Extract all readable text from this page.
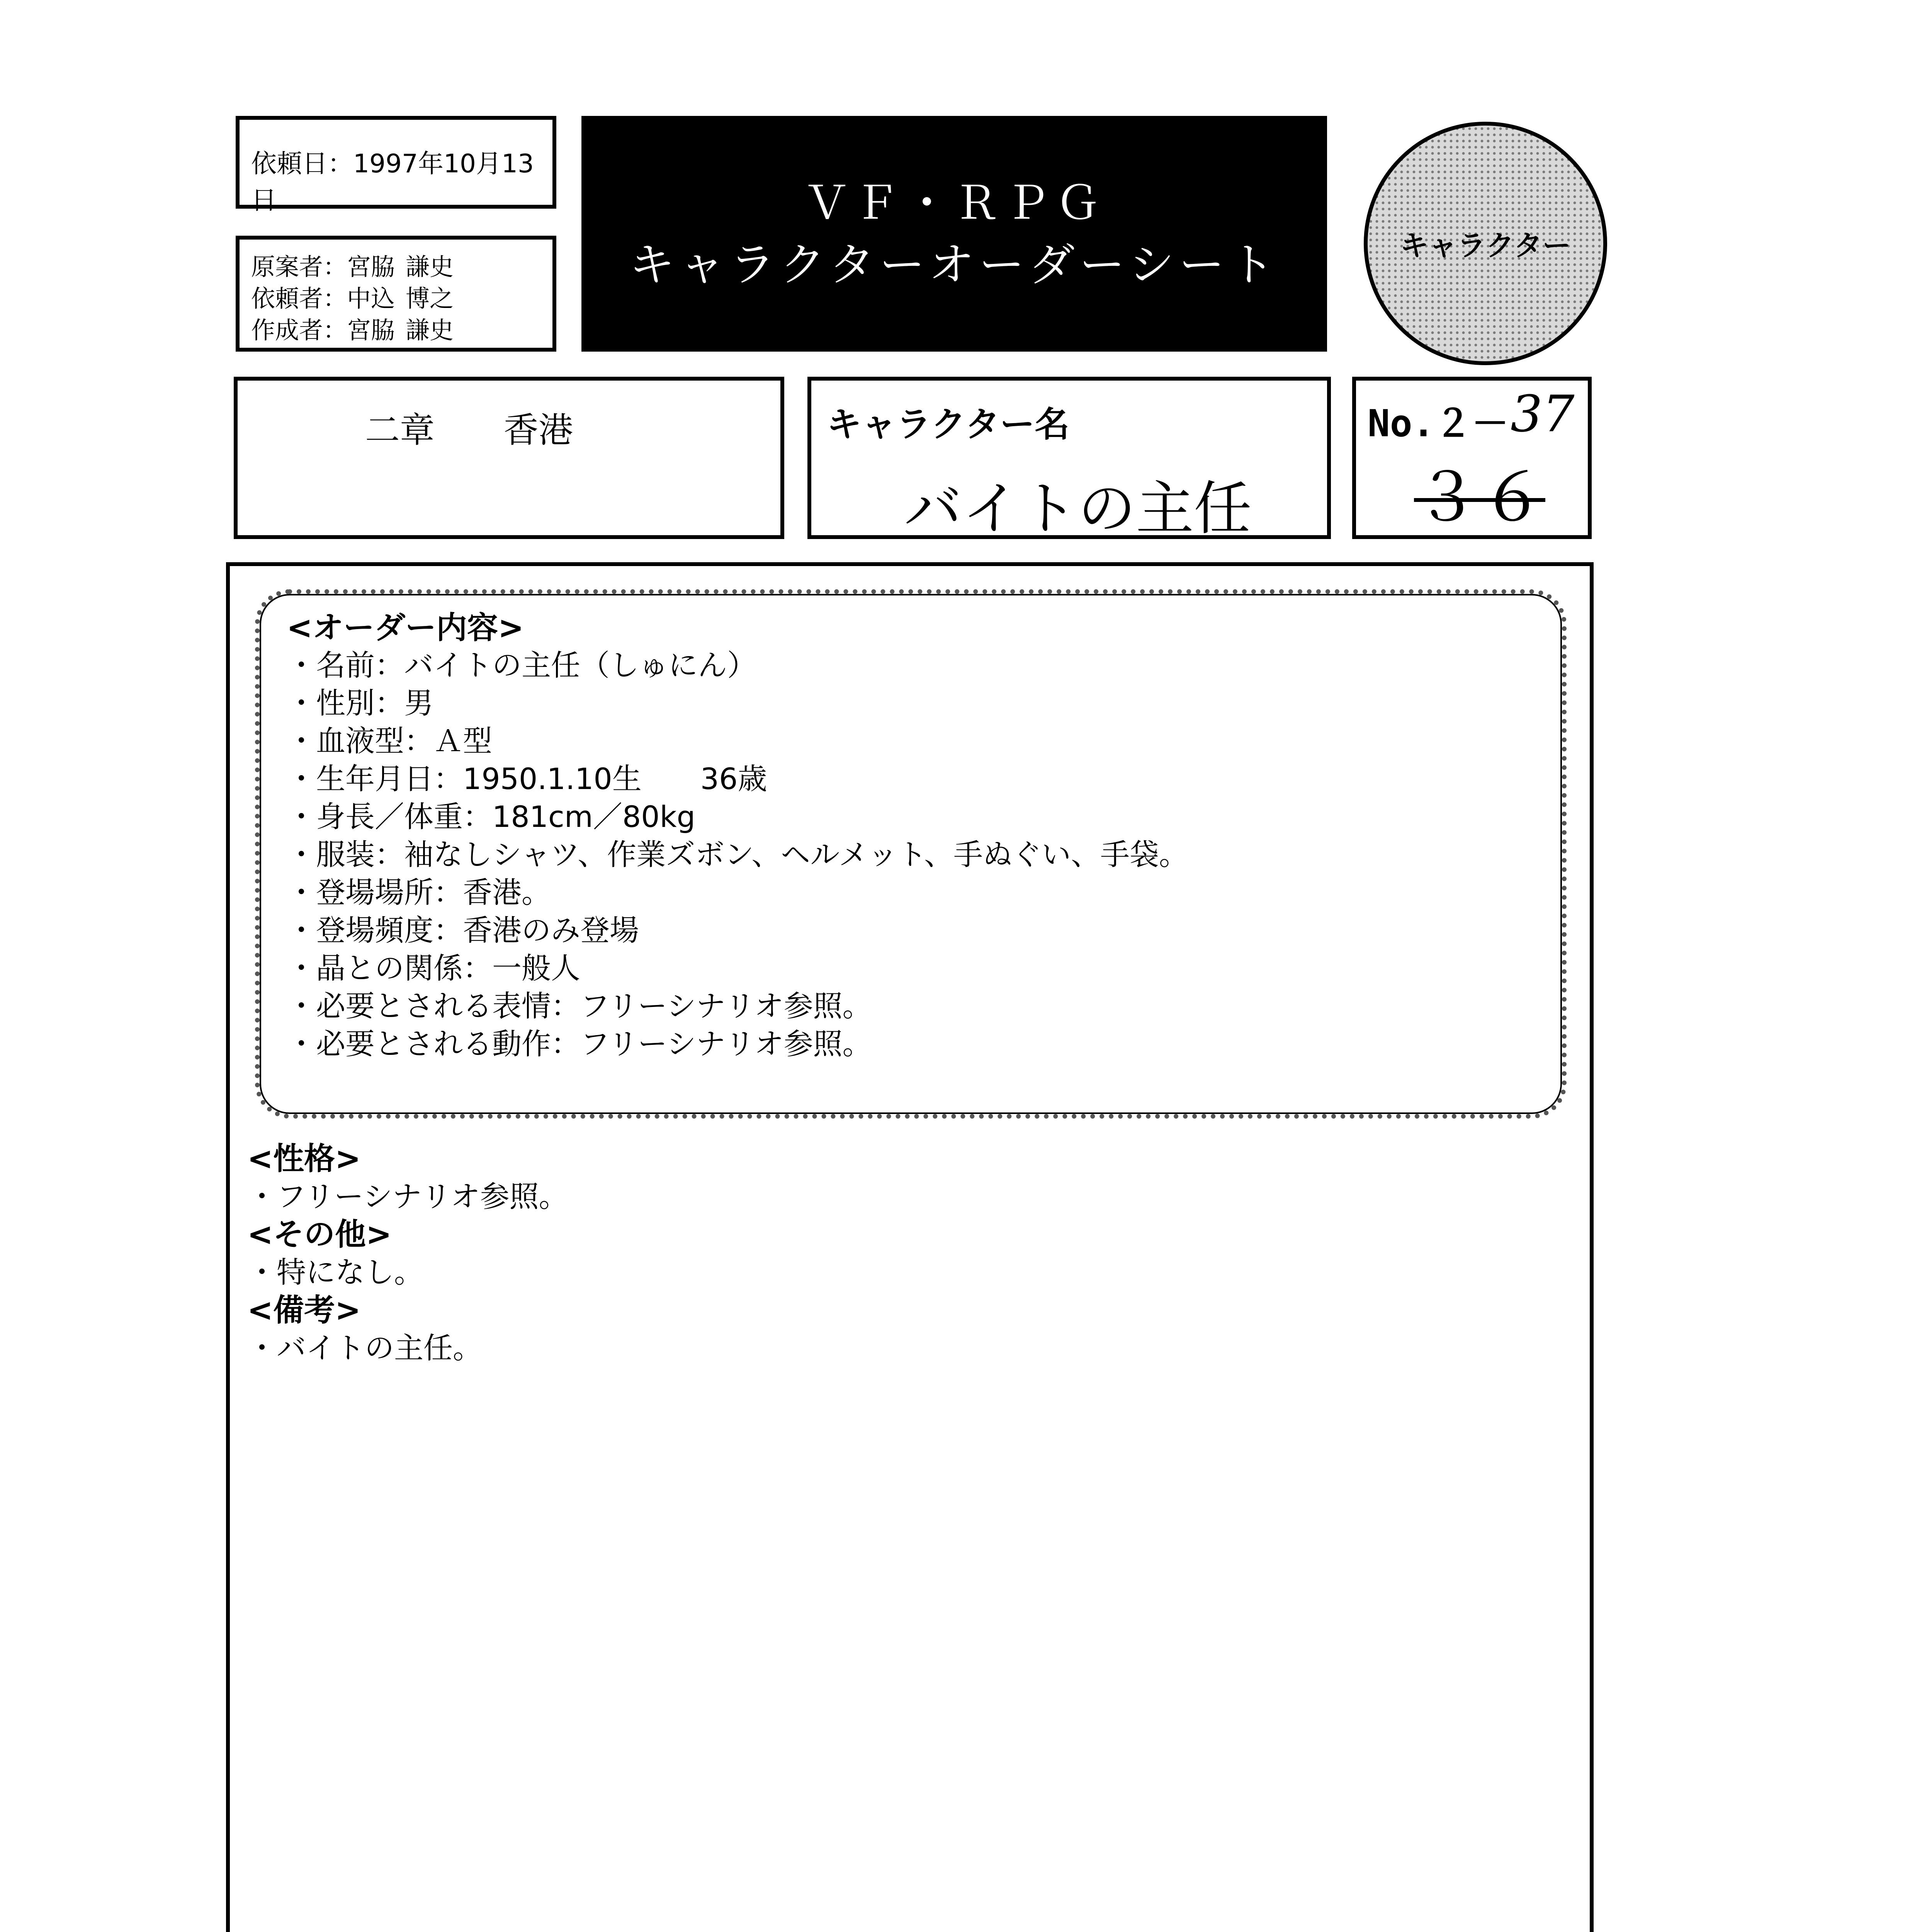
依頼日：1997年10月13日
原案者：宮脇 謙史
依頼者：中込 博之
作成者：宮脇 謙史
ＶＦ・ＲＰＧ
キャラクターオーダーシート	キャラクター
二章 香港	キャラクター名
バイトの主任
No.２－ 37
３６
<オーダー内容>
・名前：バイトの主任（しゅにん）
・性別：男
・血液型：Ａ型
・生年月日：1950.1.10生　　36歳
・身長／体重：181cm／80kg
・服装：袖なしシャツ、作業ズボン、ヘルメット、手ぬぐい、手袋。
・登場場所：香港。
・登場頻度：香港のみ登場
・晶との関係：一般人
・必要とされる表情：フリーシナリオ参照。
・必要とされる動作：フリーシナリオ参照。
<性格>
・フリーシナリオ参照。
<その他>
・特になし。
<備考>
・バイトの主任。
